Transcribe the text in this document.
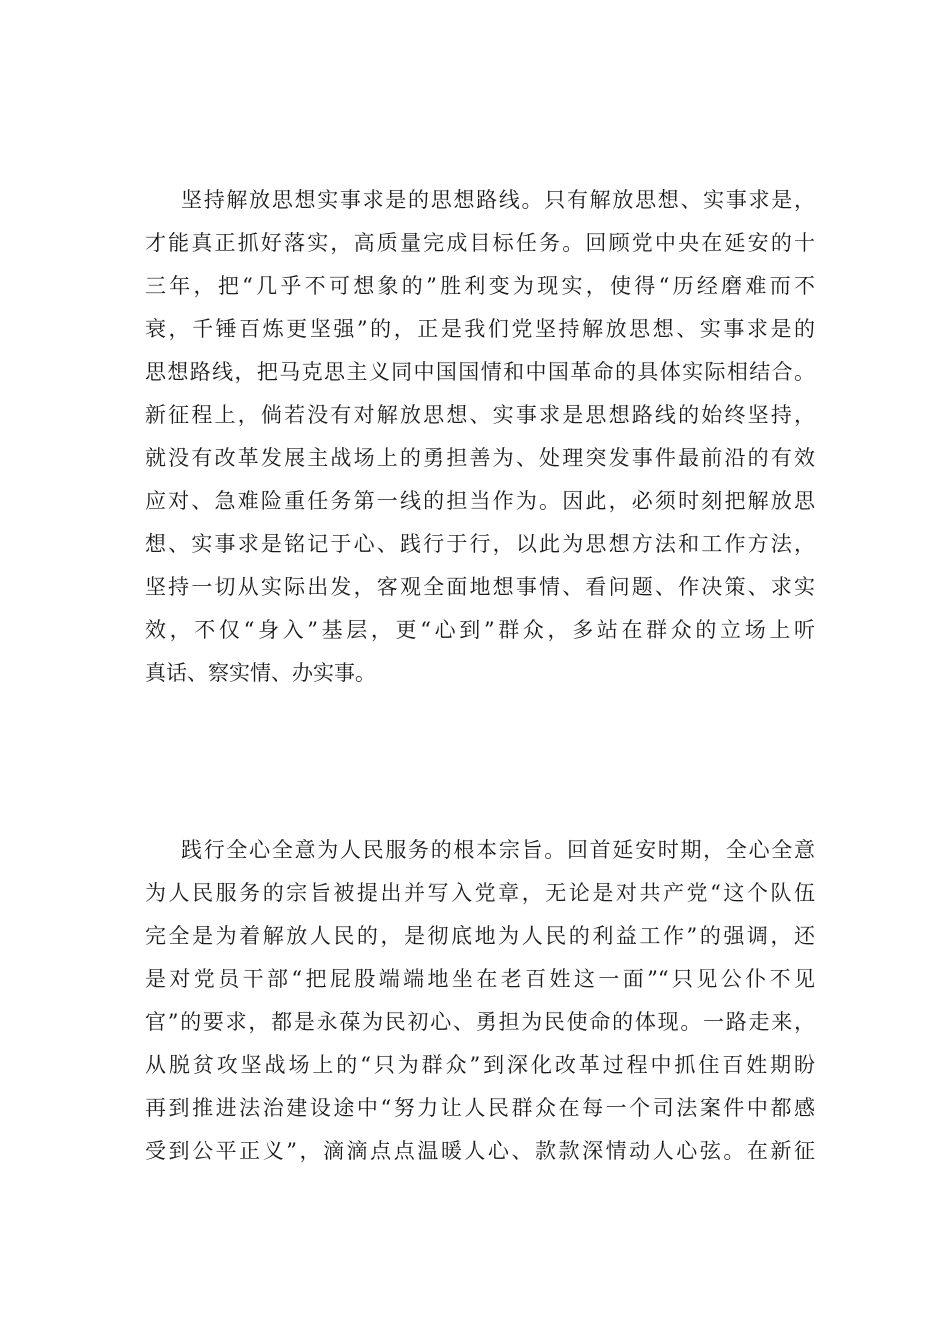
坚持解放思想实事求是的思想路线。只有解放思想、实事求是，
才能真正抓好落实，高质量完成目标任务。回顾党中央在延安的十
三年，把“几乎不可想象的”胜利变为现实，使得“历经磨难而不
衰，千锤百炼更坚强”的，正是我们党坚持解放思想、实事求是的
思想路线，把马克思主义同中国国情和中国革命的具体实际相结合。
新征程上，倘若没有对解放思想、实事求是思想路线的始终坚持，
就没有改革发展主战场上的勇担善为、处理突发事件最前沿的有效
应对、急难险重任务第一线的担当作为。因此，必须时刻把解放思
想、实事求是铭记于心、践行于行，以此为思想方法和工作方法，
坚持一切从实际出发，客观全面地想事情、看问题、作决策、求实
效，不仅“身入”基层，更“心到”群众，多站在群众的立场上听
真话、察实情、办实事。
践行全心全意为人民服务的根本宗旨。回首延安时期，全心全意
为人民服务的宗旨被提出并写入党章，无论是对共产党“这个队伍
完全是为着解放人民的，是彻底地为人民的利益工作”的强调，还
是对党员干部“把屁股端端地坐在老百姓这一面”“只见公仆不见
官”的要求，都是永葆为民初心、勇担为民使命的体现。一路走来，
从脱贫攻坚战场上的“只为群众”到深化改革过程中抓住百姓期盼
再到推进法治建设途中“努力让人民群众在每一个司法案件中都感
受到公平正义”，滴滴点点温暖人心、款款深情动人心弦。在新征
